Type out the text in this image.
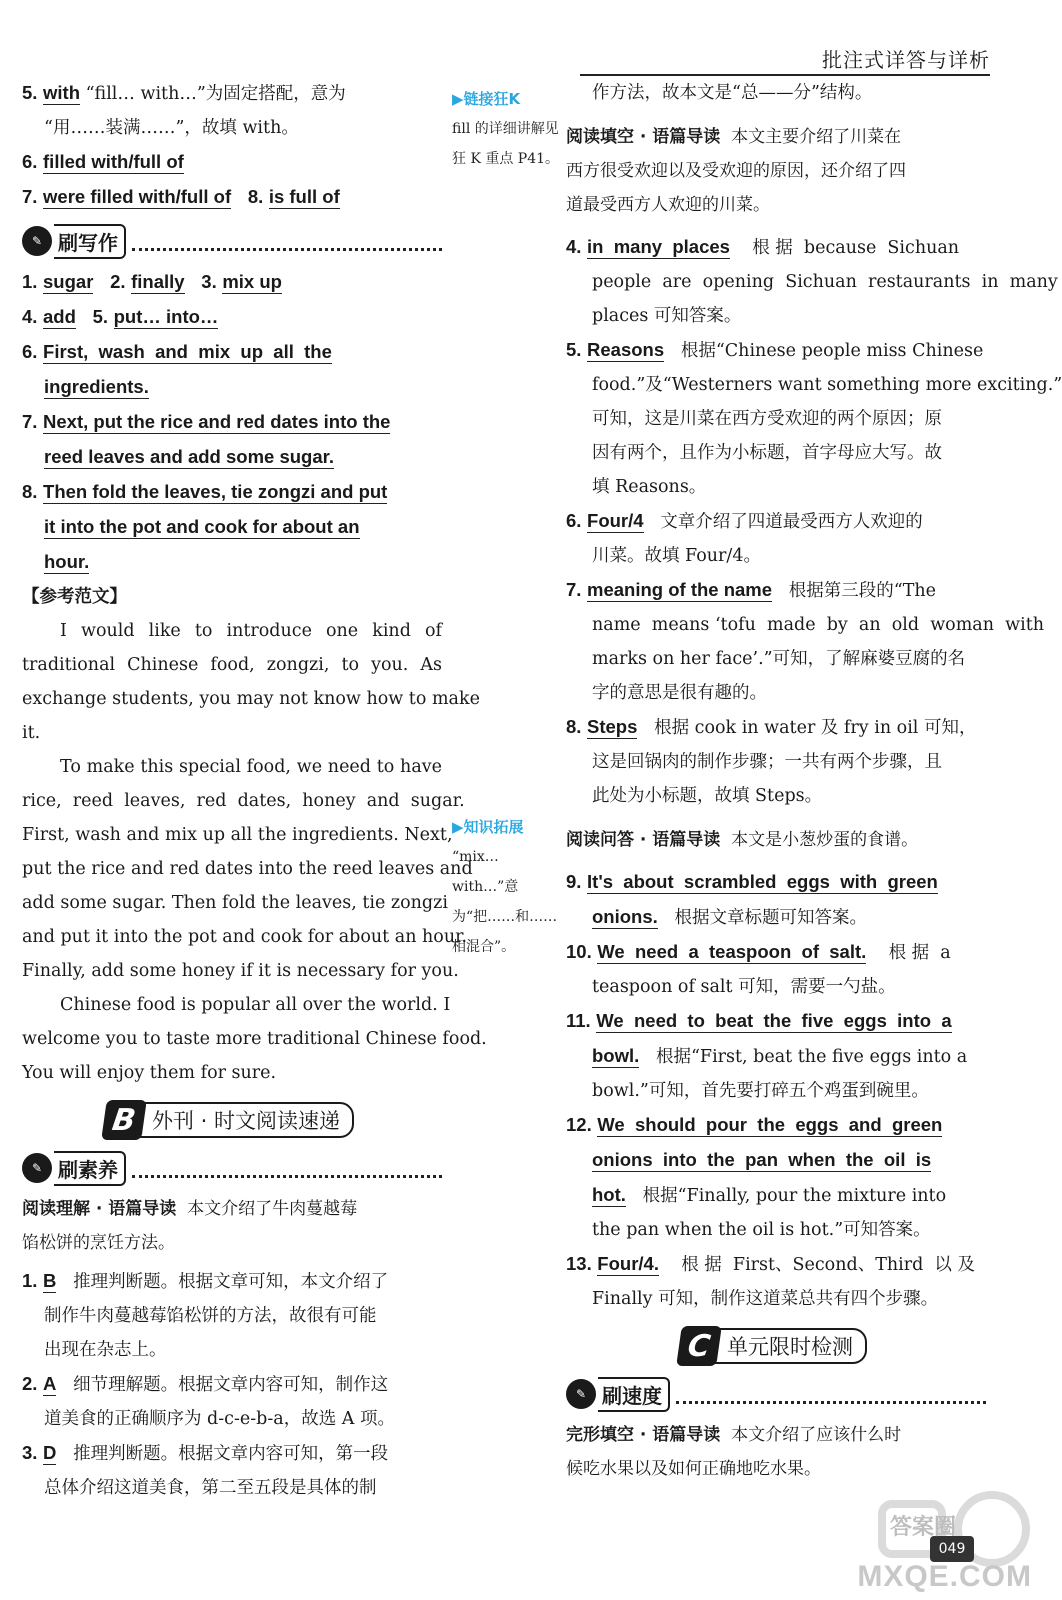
批注式详答与详析
5. with “fill… with…”为固定搭配，意为
“用……装满……”，故填 with。
6. filled with/full of
7. were filled with/full of 8. is full of
✎ 刷写作
1. sugar 2. finally 3. mix up
4. add 5. put… into…
6. First,  wash  and  mix  up  all  the
ingredients.
7. Next, put the rice and red dates into the
reed leaves and add some sugar.
8. Then fold the leaves, tie zongzi and put
it into the pot and cook for about an
hour.
【参考范文】
I  would  like  to  introduce  one  kind  of
traditional  Chinese  food,  zongzi,  to  you.  As
exchange students, you may not know how to make
it.
To make this special food, we need to have
rice,  reed  leaves,  red  dates,  honey  and  sugar.
First, wash and mix up all the ingredients. Next,
put the rice and red dates into the reed leaves and
add some sugar. Then fold the leaves, tie zongzi
and put it into the pot and cook for about an hour.
Finally, add some honey if it is necessary for you.
Chinese food is popular all over the world. I
welcome you to taste more traditional Chinese food.
You will enjoy them for sure.
B 外刊 · 时文阅读速递
✎ 刷素养
阅读理解 · 语篇导读 本文介绍了牛肉蔓越莓
馅松饼的烹饪方法。
1. B 推理判断题。根据文章可知，本文介绍了
制作牛肉蔓越莓馅松饼的方法，故很有可能
出现在杂志上。
2. A 细节理解题。根据文章内容可知，制作这
道美食的正确顺序为 d-c-e-b-a，故选 A 项。
3. D 推理判断题。根据文章内容可知，第一段
总体介绍这道美食，第二至五段是具体的制
▶链接狂K
fill 的详细讲解见狂 K 重点 P41。
▶知识拓展
“mix… with…”意为“把……和……相混合”。
作方法，故本文是“总——分”结构。
阅读填空 · 语篇导读 本文主要介绍了川菜在
西方很受欢迎以及受欢迎的原因，还介绍了四
道最受西方人欢迎的川菜。
4. in  many  places 根 据  because  Sichuan
people  are  opening  Sichuan  restaurants  in  many
places 可知答案。
5. Reasons 根据“Chinese people miss Chinese
food.”及“Westerners want something more exciting.”
可知，这是川菜在西方受欢迎的两个原因；原
因有两个，且作为小标题，首字母应大写。故
填 Reasons。
6. Four/4 文章介绍了四道最受西方人欢迎的
川菜。故填 Four/4。
7. meaning of the name 根据第三段的“The
name  means ‘tofu  made  by  an  old  woman  with
marks on her face’.”可知，了解麻婆豆腐的名
字的意思是很有趣的。
8. Steps 根据 cook in water 及 fry in oil 可知，
这是回锅肉的制作步骤；一共有两个步骤，且
此处为小标题，故填 Steps。
阅读问答 · 语篇导读 本文是小葱炒蛋的食谱。
9. It's  about  scrambled  eggs  with  green
onions. 根据文章标题可知答案。
10. We  need  a  teaspoon  of  salt. 根 据  a
teaspoon of salt 可知，需要一勺盐。
11. We  need  to  beat  the  five  eggs  into  a
bowl. 根据“First, beat the five eggs into a
bowl.”可知，首先要打碎五个鸡蛋到碗里。
12. We  should  pour  the  eggs  and  green
onions  into  the  pan  when  the  oil  is
hot. 根据“Finally, pour the mixture into
the pan when the oil is hot.”可知答案。
13. Four/4. 根 据  First、Second、Third  以 及
Finally 可知，制作这道菜总共有四个步骤。
C 单元限时检测
✎ 刷速度
完形填空 · 语篇导读 本文介绍了应该什么时
候吃水果以及如何正确地吃水果。
049
MXQE.COM
答案圈
